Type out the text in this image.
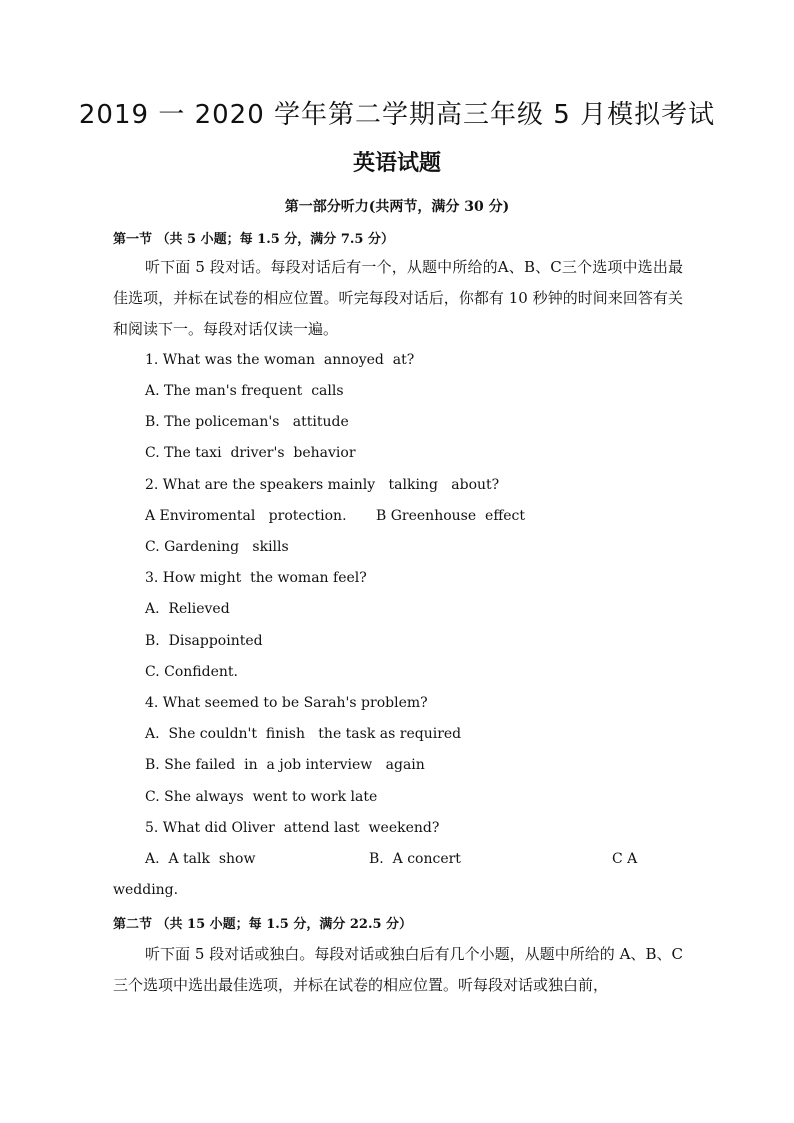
2019 一 2020 学年第二学期高三年级 5 月模拟考试
英语试题
第一部分听力(共两节，满分 30 分)
第一节 （共 5 小题；每 1.5 分，满分 7.5 分）
听下面 5 段对话。每段对话后有一个，从题中所给的A、B、C三个选项中选出最佳选项，并标在试卷的相应位置。听完每段对话后，你都有 10 秒钟的时间来回答有关和阅读下一。每段对话仅读一遍。
1. What was the woman  annoyed  at?
A. The man's frequent  calls
B. The policeman's   attitude
C. The taxi  driver's  behavior
2. What are the speakers mainly   talking   about?
A Enviromental   protection. B Greenhouse  effect
C. Gardening   skills
3. How might  the woman feel?
A.  Relieved
B.  Disappointed
C. Confident.
4. What seemed to be Sarah's problem?
A.  She couldn't  finish   the task as required
B. She failed  in  a job interview   again
C. She always  went to work late
5. What did Oliver  attend last  weekend?
A.  A talk  show	B.  A concert	C A
wedding.
第二节 （共 15 小题；每 1.5 分，满分 22.5 分）
听下面 5 段对话或独白。每段对话或独白后有几个小题，从题中所给的 A、B、C 三个选项中选出最佳选项，并标在试卷的相应位置。听每段对话或独白前，
